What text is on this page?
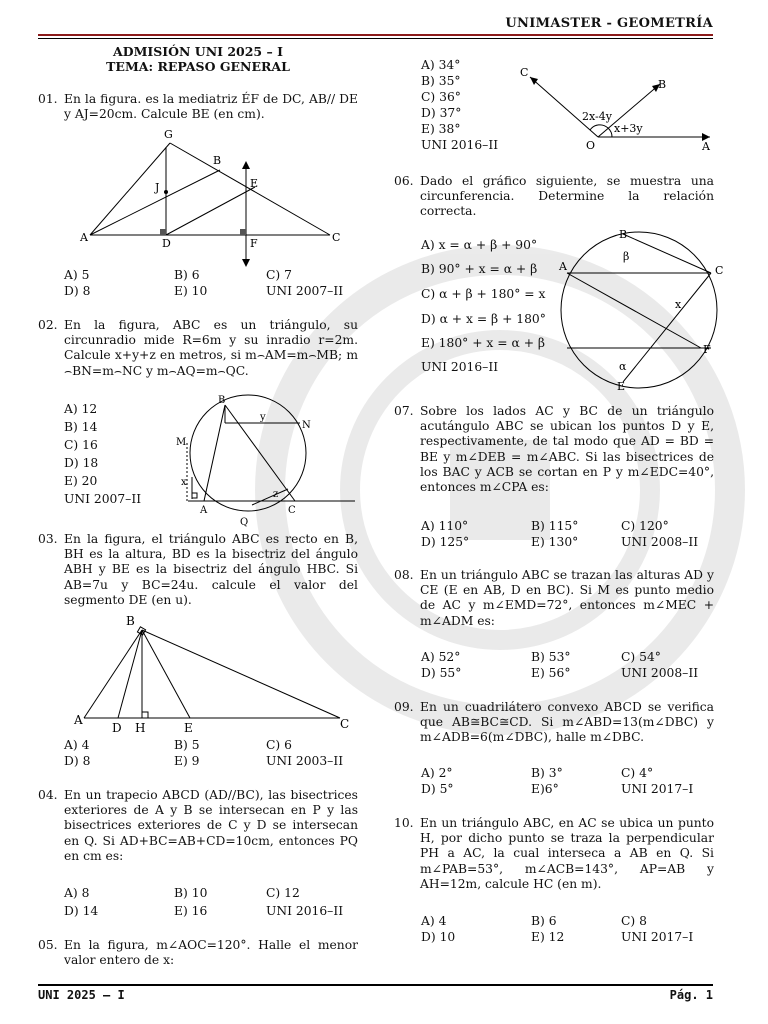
UNIMASTER - GEOMETRÍA
ADMISIÓN UNI 2025 – I
TEMA: REPASO GENERAL
01. En la figura. es la mediatriz ÉF de DC, AB// DE y AJ=20cm. Calcule BE (en cm).
G
B
J	E
A	D	F	C
A) 5	B) 6	C) 7
D) 8	E) 10	UNI 2007–II
02. En la figura, ABC es un triángulo, su circunradio mide R=6m y su inradio r=2m. Calcule x+y+z en metros, si m⌢AM=m⌢MB; m ⌢BN=m⌢NC y m⌢AQ=m⌢QC.
A) 12
B) 14
C) 16
D) 18
E) 20
UNI 2007–II
B
y
N
M
x
A
z
C
Q
03. En la figura, el triángulo ABC es recto en B, BH es la altura, BD es la bisectriz del ángulo ABH y BE es la bisectriz del ángulo HBC. Si AB=7u y BC=24u. calcule el valor del segmento DE (en u).
B
A
D H	E	C
A) 4	B) 5	C) 6
D) 8	E) 9	UNI 2003–II
04. En un trapecio ABCD (AD//BC), las bisectrices exteriores de A y B se intersecan en P y las bisectrices exteriores de C y D se intersecan en Q. Si AD+BC=AB+CD=10cm, entonces PQ en cm es:
A) 8	B) 10	C) 12
D) 14	E) 16	UNI 2016–II
05. En la figura, m∠AOC=120°. Halle el menor valor entero de x:
A) 34°
B) 35°
C) 36°
D) 37°
E) 38°
UNI 2016–II
C
B
2x-4y
x+3y
O	A
06. Dado el gráfico siguiente, se muestra una circunferencia. Determine la relación correcta.
A) x = α + β + 90°
B) 90° + x = α + β
C) α + β + 180° = x
D) α + x = β + 180°
E) 180° + x = α + β
UNI 2016–II
B
β
A	C
x
F
α
E
07. Sobre los lados AC y BC de un triángulo acutángulo ABC se ubican los puntos D y E, respectivamente, de tal modo que AD = BD = BE y m∠DEB = m∠ABC. Si las bisectrices de los BAC y ACB se cortan en P y m∠EDC=40°, entonces m∠CPA es:
A) 110°	B) 115°	C) 120°
D) 125°	E) 130°	UNI 2008–II
08. En un triángulo ABC se trazan las alturas AD y CE (E en AB, D en BC). Si M es punto medio de AC y m∠EMD=72°, entonces m∠MEC + m∠ADM es:
A) 52°	B) 53°	C) 54°
D) 55°	E) 56°	UNI 2008–II
09. En un cuadrilátero convexo ABCD se verifica que AB≅BC≅CD. Si m∠ABD=13(m∠DBC) y m∠ADB=6(m∠DBC), halle m∠DBC.
A) 2°	B) 3°	C) 4°
D) 5°	E)6°	UNI 2017–I
10. En un triángulo ABC, en AC se ubica un punto H, por dicho punto se traza la perpendicular PH a AC, la cual interseca a AB en Q. Si m∠PAB=53°, m∠ACB=143°, AP=AB y AH=12m, calcule HC (en m).
A) 4	B) 6	C) 8
D) 10	E) 12	UNI 2017–I
UNI 2025 – I	Pág. 1
